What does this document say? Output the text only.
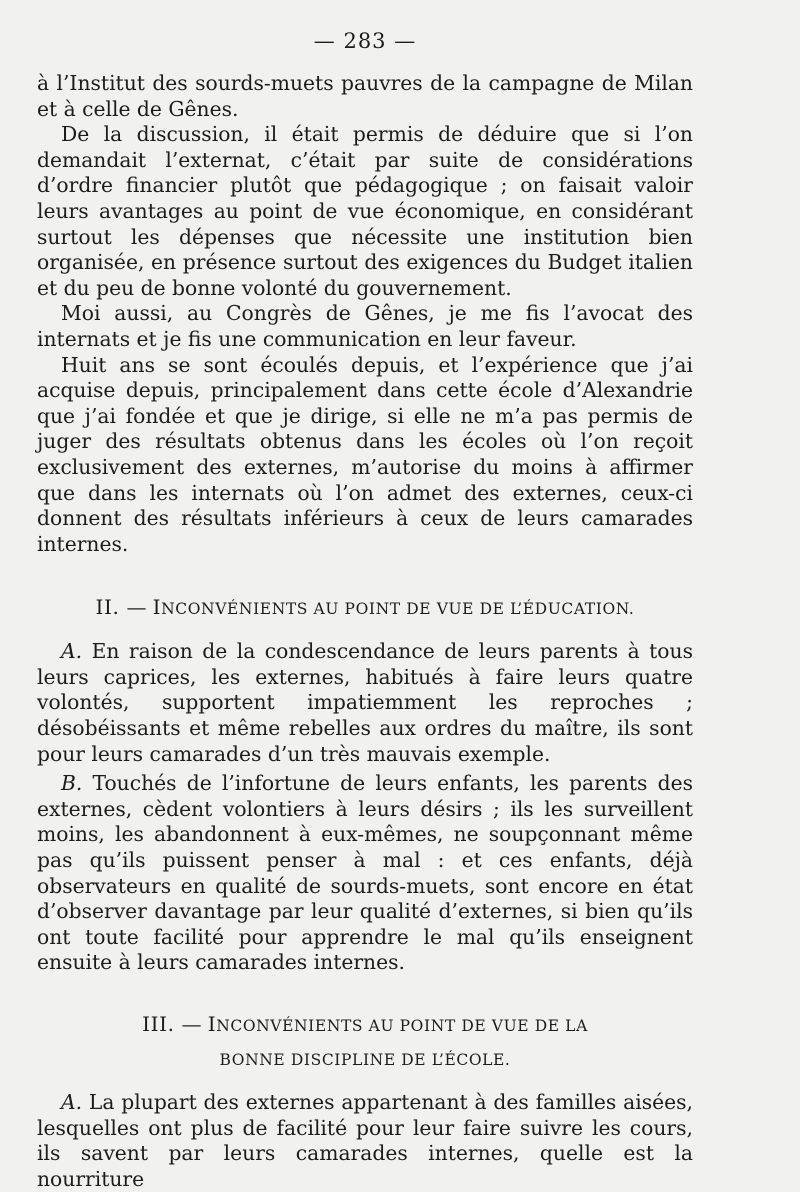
— 283 —

à l’Institut des sourds-muets pauvres de la campagne de Milan et à celle de Gênes.

De la discussion, il était permis de déduire que si l’on demandait l’externat, c’était par suite de considérations d’ordre financier plutôt que pédagogique ; on faisait valoir leurs avantages au point de vue économique, en considérant surtout les dépenses que nécessite une institution bien organisée, en présence surtout des exigences du Budget italien et du peu de bonne volonté du gouvernement.

Moi aussi, au Congrès de Gênes, je me fis l’avocat des internats et je fis une communication en leur faveur.

Huit ans se sont écoulés depuis, et l’expérience que j’ai acquise depuis, principalement dans cette école d’Alexandrie que j’ai fondée et que je dirige, si elle ne m’a pas permis de juger des résultats obtenus dans les écoles où l’on reçoit exclusivement des externes, m’autorise du moins à affirmer que dans les internats où l’on admet des externes, ceux-ci donnent des résultats inférieurs à ceux de leurs camarades internes.

II. — INCONVÉNIENTS AU POINT DE VUE DE L’ÉDUCATION.

A. En raison de la condescendance de leurs parents à tous leurs caprices, les externes, habitués à faire leurs quatre volontés, supportent impatiemment les reproches ; désobéissants et même rebelles aux ordres du maître, ils sont pour leurs camarades d’un très mauvais exemple.

B. Touchés de l’infortune de leurs enfants, les parents des externes, cèdent volontiers à leurs désirs ; ils les surveillent moins, les abandonnent à eux-mêmes, ne soupçonnant même pas qu’ils puissent penser à mal : et ces enfants, déjà observateurs en qualité de sourds-muets, sont encore en état d’observer davantage par leur qualité d’externes, si bien qu’ils ont toute facilité pour apprendre le mal qu’ils enseignent ensuite à leurs camarades internes.

III. — INCONVÉNIENTS AU POINT DE VUE DE LA
BONNE DISCIPLINE DE L’ÉCOLE.

A. La plupart des externes appartenant à des familles aisées, lesquelles ont plus de facilité pour leur faire suivre les cours, ils savent par leurs camarades internes, quelle est la nourriture
